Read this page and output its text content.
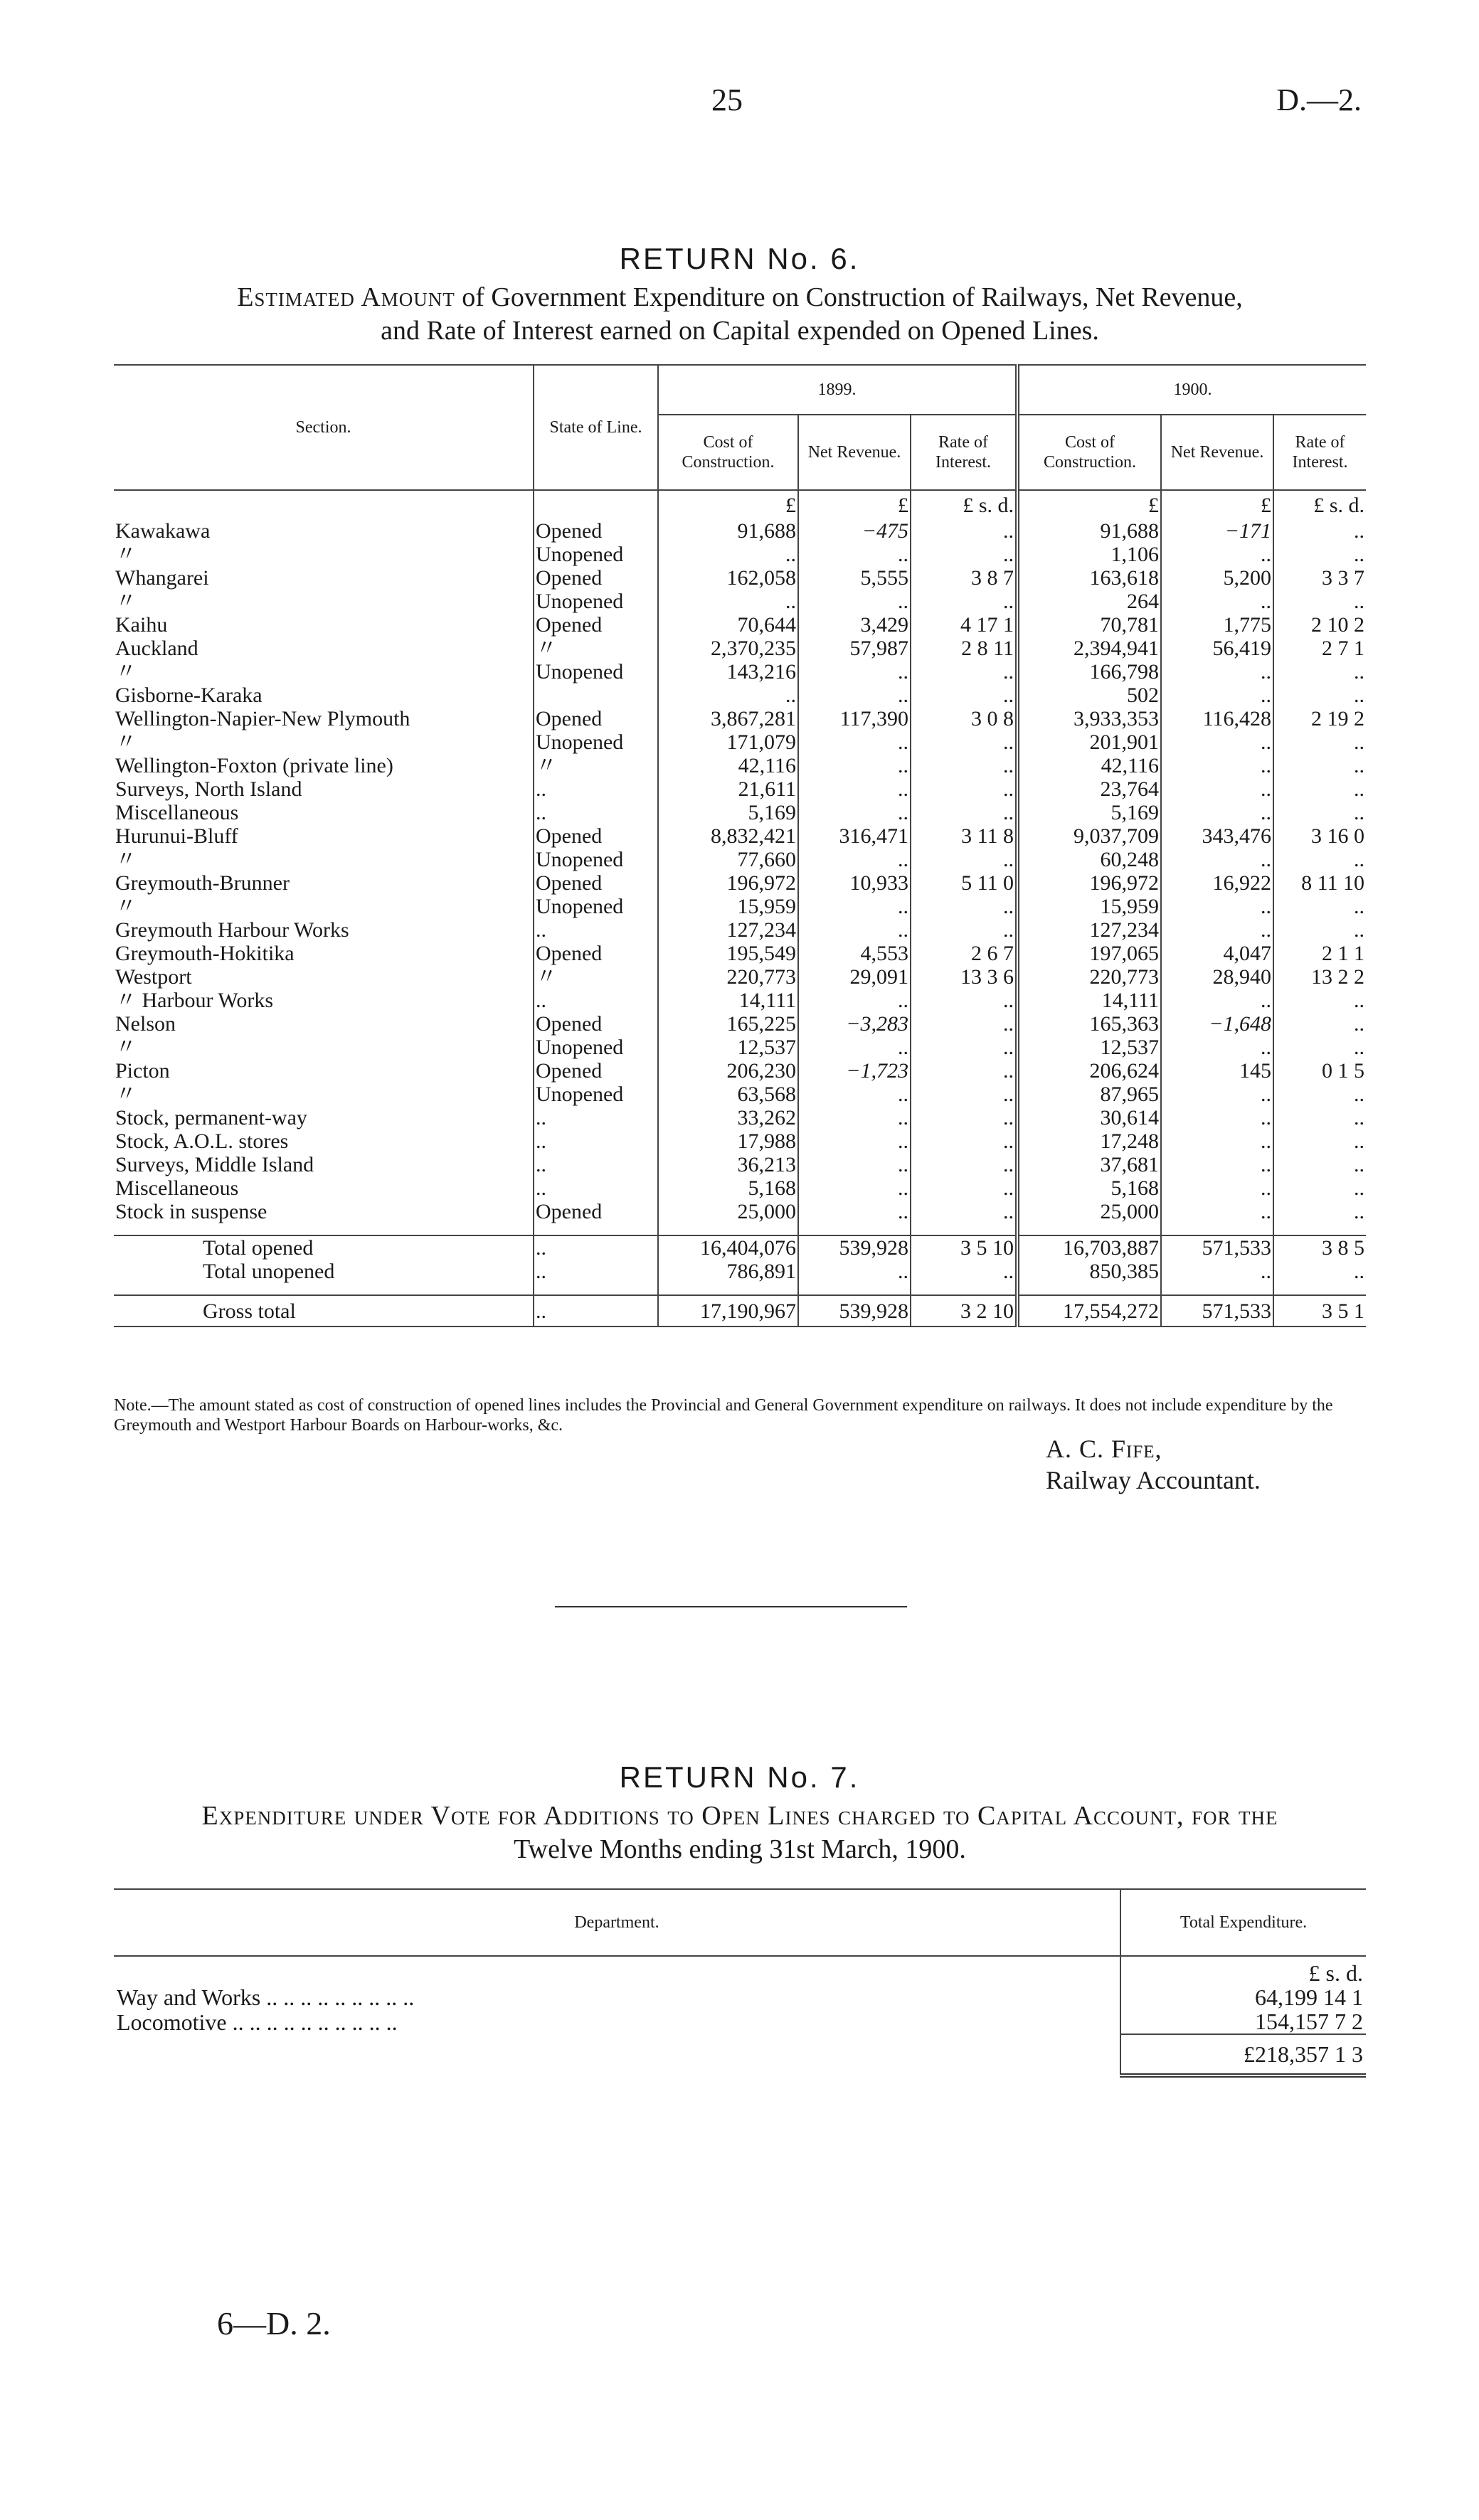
25	D.—2.
RETURN No. 6.
Estimated Amount of Government Expenditure on Construction of Railways, Net Revenue,
and Rate of Interest earned on Capital expended on Opened Lines.
Section.	State of Line.	1899.			1900.		
		Cost of Construction.	Net Revenue.	Rate of Interest.	Cost of Construction.	Net Revenue.	Rate of Interest.
		£	£	£ s. d.	£	£	£ s. d.
Kawakawa	Opened	91,688	−475	..	91,688	−171	..
〃	Unopened	..	..	..	1,106	..	..
Whangarei	Opened	162,058	5,555	3 8 7	163,618	5,200	3 3 7
〃	Unopened	..	..	..	264	..	..
Kaihu	Opened	70,644	3,429	4 17 1	70,781	1,775	2 10 2
Auckland	〃	2,370,235	57,987	2 8 11	2,394,941	56,419	2 7 1
〃	Unopened	143,216	..	..	166,798	..	..
Gisborne-Karaka		..	..	..	502	..	..
Wellington-Napier-New Plymouth	Opened	3,867,281	117,390	3 0 8	3,933,353	116,428	2 19 2
〃	Unopened	171,079	..	..	201,901	..	..
Wellington-Foxton (private line)	〃	42,116	..	..	42,116	..	..
Surveys, North Island	..	21,611	..	..	23,764	..	..
Miscellaneous	..	5,169	..	..	5,169	..	..
Hurunui-Bluff	Opened	8,832,421	316,471	3 11 8	9,037,709	343,476	3 16 0
〃	Unopened	77,660	..	..	60,248	..	..
Greymouth-Brunner	Opened	196,972	10,933	5 11 0	196,972	16,922	8 11 10
〃	Unopened	15,959	..	..	15,959	..	..
Greymouth Harbour Works	..	127,234	..	..	127,234	..	..
Greymouth-Hokitika	Opened	195,549	4,553	2 6 7	197,065	4,047	2 1 1
Westport	〃	220,773	29,091	13 3 6	220,773	28,940	13 2 2
〃 Harbour Works	..	14,111	..	..	14,111	..	..
Nelson	Opened	165,225	−3,283	..	165,363	−1,648	..
〃	Unopened	12,537	..	..	12,537	..	..
Picton	Opened	206,230	−1,723	..	206,624	145	0 1 5
〃	Unopened	63,568	..	..	87,965	..	..
Stock, permanent-way	..	33,262	..	..	30,614	..	..
Stock, A.O.L. stores	..	17,988	..	..	17,248	..	..
Surveys, Middle Island	..	36,213	..	..	37,681	..	..
Miscellaneous	..	5,168	..	..	5,168	..	..
Stock in suspense	Opened	25,000	..	..	25,000	..	..

Total opened	..	16,404,076	539,928	3 5 10	16,703,887	571,533	3 8 5
Total unopened	..	786,891	..	..	850,385	..	..

Gross total	..	17,190,967	539,928	3 2 10	17,554,272	571,533	3 5 1
Note.—The amount stated as cost of construction of opened lines includes the Provincial and General Government expenditure on railways. It does not include expenditure by the Greymouth and Westport Harbour Boards on Harbour-works, &c.
A. C. Fife,
Railway Accountant.
RETURN No. 7.
Expenditure under Vote for Additions to Open Lines charged to Capital Account, for the
Twelve Months ending 31st March, 1900.
Department.	Total Expenditure.
	£ s. d.
Way and Works .. .. .. .. .. .. .. .. ..	64,199 14 1
Locomotive .. .. .. .. .. .. .. .. .. ..	154,157 7 2
	£218,357 1 3
6—D. 2.
